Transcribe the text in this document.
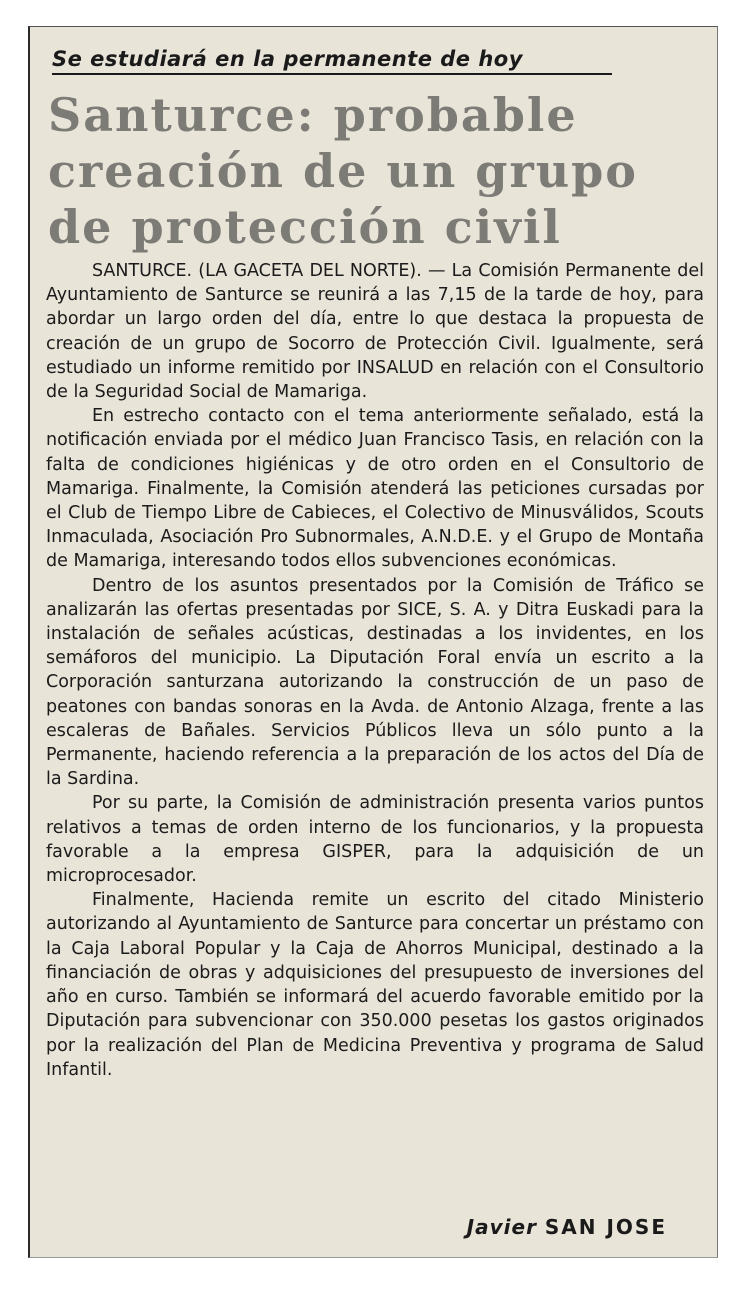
Se estudiará en la permanente de hoy
Santurce: probable
creación de un grupo
de protección civil

SANTURCE. (LA GACETA DEL NORTE). — La Comisión Permanente del Ayuntamiento de Santurce se reunirá a las 7,15 de la tarde de hoy, para abordar un largo orden del día, entre lo que destaca la propuesta de creación de un grupo de Socorro de Protección Civil. Igualmente, será estudiado un informe remitido por INSALUD en relación con el Consultorio de la Seguridad Social de Mamariga.

En estrecho contacto con el tema anteriormente señalado, está la notificación enviada por el médico Juan Francisco Tasis, en relación con la falta de condiciones higiénicas y de otro orden en el Consultorio de Mamariga. Finalmente, la Comisión atenderá las peticiones cursadas por el Club de Tiempo Libre de Cabieces, el Colectivo de Minusválidos, Scouts Inmaculada, Asociación Pro Subnormales, A.N.D.E. y el Grupo de Montaña de Mamariga, interesando todos ellos subvenciones económicas.

Dentro de los asuntos presentados por la Comisión de Tráfico se analizarán las ofertas presentadas por SICE, S. A. y Ditra Euskadi para la instalación de señales acústicas, destinadas a los invidentes, en los semáforos del municipio. La Diputación Foral envía un escrito a la Corporación santurzana autorizando la construcción de un paso de peatones con bandas sonoras en la Avda. de Antonio Alzaga, frente a las escaleras de Bañales. Servicios Públicos lleva un sólo punto a la Permanente, haciendo referencia a la preparación de los actos del Día de la Sardina.

Por su parte, la Comisión de administración presenta varios puntos relativos a temas de orden interno de los funcionarios, y la propuesta favorable a la empresa GISPER, para la adquisición de un microprocesador.

Finalmente, Hacienda remite un escrito del citado Ministerio autorizando al Ayuntamiento de Santurce para concertar un préstamo con la Caja Laboral Popular y la Caja de Ahorros Municipal, destinado a la financiación de obras y adquisiciones del presupuesto de inversiones del año en curso. También se informará del acuerdo favorable emitido por la Diputación para subvencionar con 350.000 pesetas los gastos originados por la realización del Plan de Medicina Preventiva y programa de Salud Infantil.

Javier SAN JOSE
